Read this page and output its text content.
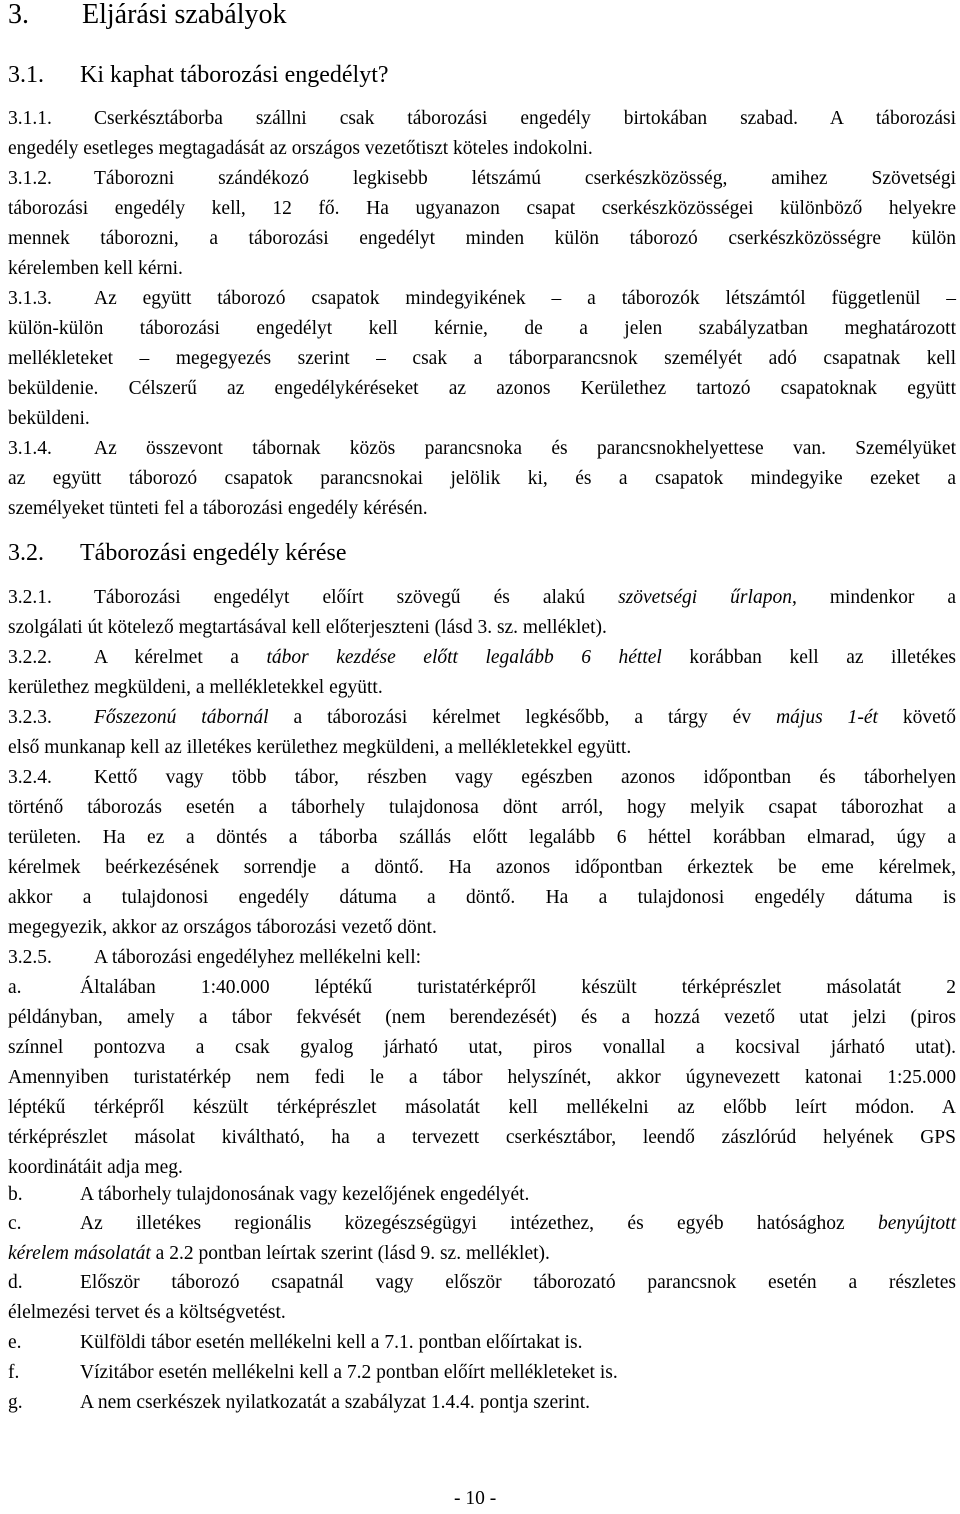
3. Eljárási szabályok
3.1. Ki kaphat táborozási engedélyt?
3.1.1. Cserkésztáborba szállni csak táborozási engedély birtokában szabad. A táborozási
engedély esetleges megtagadását az országos vezetőtiszt köteles indokolni.
3.1.2. Táborozni szándékozó legkisebb létszámú cserkészközösség, amihez Szövetségi
táborozási engedély kell, 12 fő. Ha ugyanazon csapat cserkészközösségei különböző helyekre
mennek táborozni, a táborozási engedélyt minden külön táborozó cserkészközösségre külön
kérelemben kell kérni.
3.1.3. Az együtt táborozó csapatok mindegyikének – a táborozók létszámtól függetlenül –
külön-külön táborozási engedélyt kell kérnie, de a jelen szabályzatban meghatározott
mellékleteket – megegyezés szerint – csak a táborparancsnok személyét adó csapatnak kell
beküldenie. Célszerű az engedélykéréseket az azonos Kerülethez tartozó csapatoknak együtt
beküldeni.
3.1.4. Az összevont tábornak közös parancsnoka és parancsnokhelyettese van. Személyüket
az együtt táborozó csapatok parancsnokai jelölik ki, és a csapatok mindegyike ezeket a
személyeket tünteti fel a táborozási engedély kérésén.
3.2. Táborozási engedély kérése
3.2.1. Táborozási engedélyt előírt szövegű és alakú szövetségi űrlapon, mindenkor a
szolgálati út kötelező megtartásával kell előterjeszteni (lásd 3. sz. melléklet).
3.2.2. A kérelmet a tábor kezdése előtt legalább 6 héttel korábban kell az illetékes
kerülethez megküldeni, a mellékletekkel együtt.
3.2.3. Főszezonú tábornál a táborozási kérelmet legkésőbb, a tárgy év május 1-ét követő
első munkanap kell az illetékes kerülethez megküldeni, a mellékletekkel együtt.
3.2.4. Kettő vagy több tábor, részben vagy egészben azonos időpontban és táborhelyen
történő táborozás esetén a táborhely tulajdonosa dönt arról, hogy melyik csapat táborozhat a
területen. Ha ez a döntés a táborba szállás előtt legalább 6 héttel korábban elmarad, úgy a
kérelmek beérkezésének sorrendje a döntő. Ha azonos időpontban érkeztek be eme kérelmek,
akkor a tulajdonosi engedély dátuma a döntő. Ha a tulajdonosi engedély dátuma is
megegyezik, akkor az országos táborozási vezető dönt.
3.2.5. A táborozási engedélyhez mellékelni kell:
a.	Általában 1:40.000 léptékű turistatérképről készült térképrészlet másolatát 2
példányban, amely a tábor fekvését (nem berendezését) és a hozzá vezető utat jelzi (piros
színnel pontozva a csak gyalog járható utat, piros vonallal a kocsival járható utat).
Amennyiben turistatérkép nem fedi le a tábor helyszínét, akkor úgynevezett katonai 1:25.000
léptékű térképről készült térképrészlet másolatát kell mellékelni az előbb leírt módon. A
térképrészlet másolat kiváltható, ha a tervezett cserkésztábor, leendő zászlórúd helyének GPS
koordinátáit adja meg.
b.	A táborhely tulajdonosának vagy kezelőjének engedélyét.
c.	Az illetékes regionális közegészségügyi intézethez, és egyéb hatósághoz benyújtott
kérelem másolatát a 2.2 pontban leírtak szerint (lásd 9. sz. melléklet).
d.	Először táborozó csapatnál vagy először táborozató parancsnok esetén a részletes
élelmezési tervet és a költségvetést.
e.	Külföldi tábor esetén mellékelni kell a 7.1. pontban előírtakat is.
f.	Vízitábor esetén mellékelni kell a 7.2 pontban előírt mellékleteket is.
g.	A nem cserkészek nyilatkozatát a szabályzat 1.4.4. pontja szerint.
- 10 -
